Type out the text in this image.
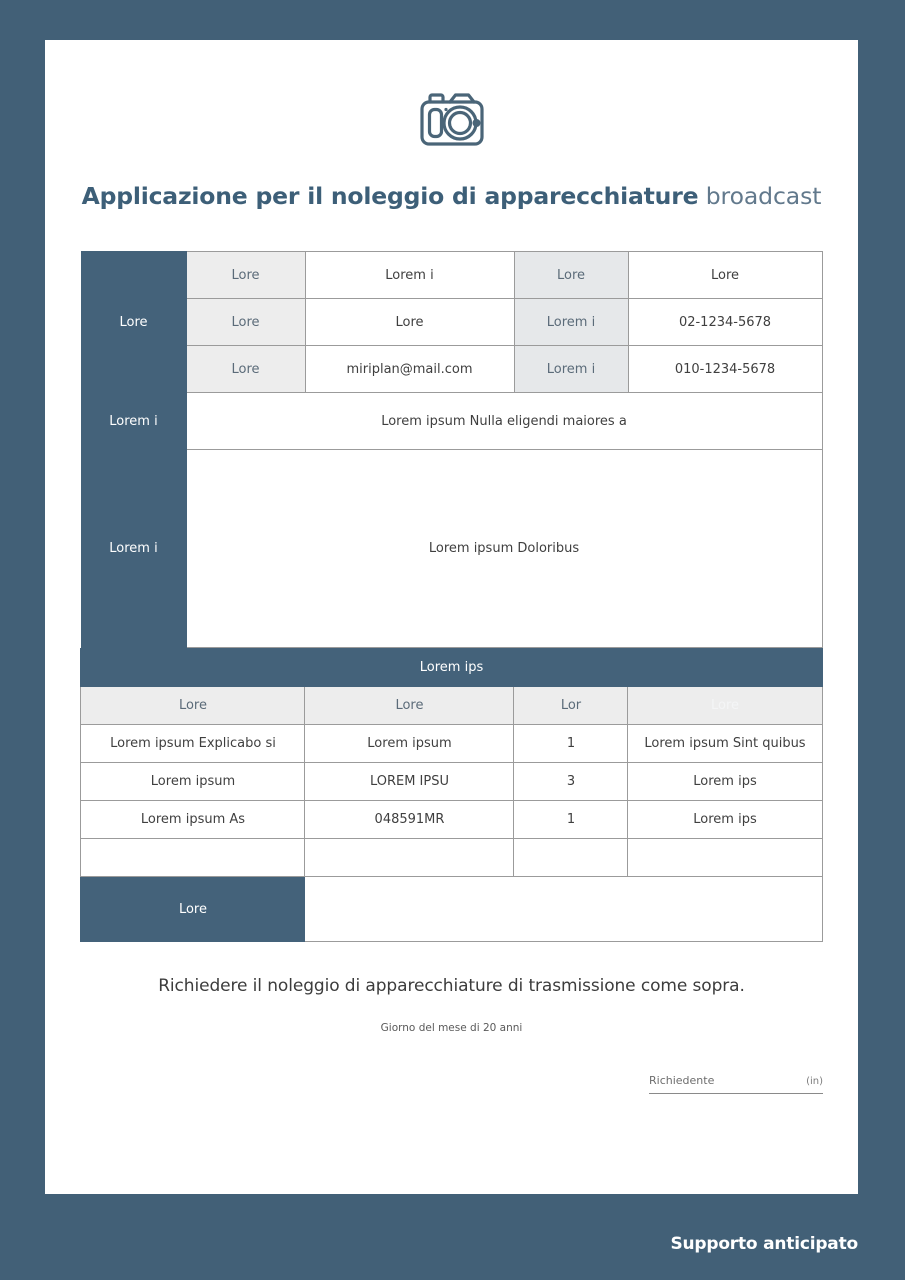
Applicazione per il noleggio di apparecchiature broadcast
Lore	Lore	Lorem i	Lore	Lore
	Lore	Lore	Lorem i	02-1234-5678
	Lore	miriplan@mail.com	Lorem i	010-1234-5678
Lorem i	Lorem ipsum Nulla eligendi maiores a			
Lorem i	Lorem ipsum Doloribus			
Lorem ips			
Lore	Lore	Lor	Lore
Lorem ipsum Explicabo si	Lorem ipsum	1	Lorem ipsum Sint quibus
Lorem ipsum	LOREM IPSU	3	Lorem ips
Lorem ipsum As	048591MR	1	Lorem ips

Lore			

Richiedere il noleggio di apparecchiature di trasmissione come sopra.

Giorno del mese di 20 anni

Richiedente	(in)
Supporto anticipato
